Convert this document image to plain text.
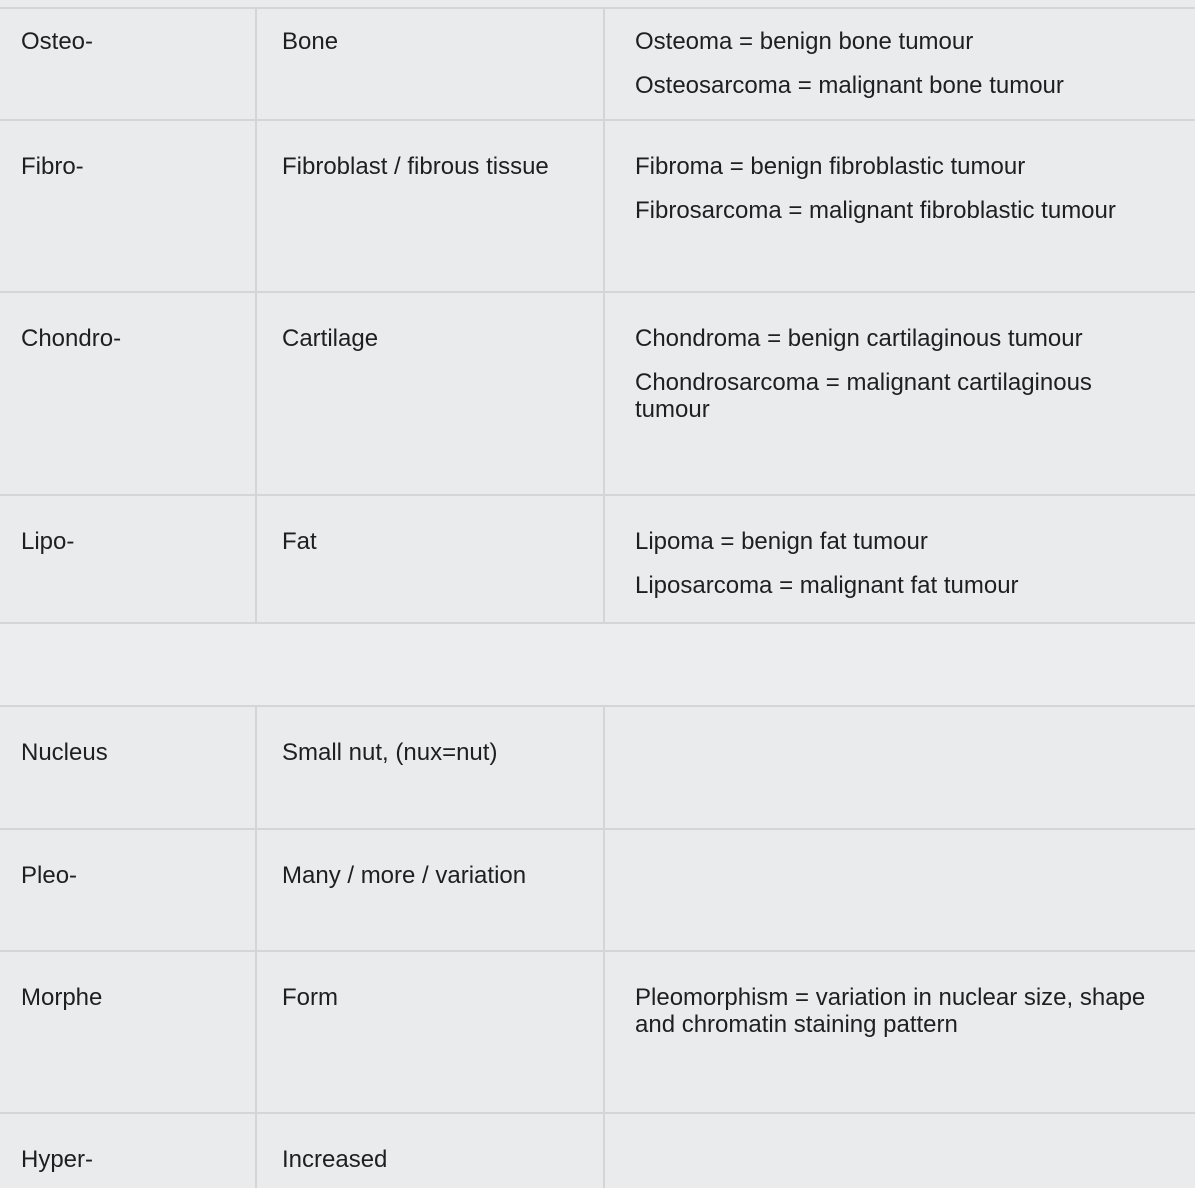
Osteo-	Bone	Osteoma = benign bone tumour

Osteosarcoma = malignant bone tumour

Fibro-	Fibroblast / fibrous tissue	Fibroma = benign fibroblastic tumour

Fibrosarcoma = malignant fibroblastic tumour

Chondro-	Cartilage	Chondroma = benign cartilaginous tumour

Chondrosarcoma = malignant cartilaginous tumour

Lipo-	Fat	Lipoma = benign fat tumour

Liposarcoma = malignant fat tumour

Nucleus	Small nut, (nux=nut)

Pleo-	Many / more / variation

Morphe	Form	Pleomorphism = variation in nuclear size, shape and chromatin staining pattern

Hyper-	Increased
